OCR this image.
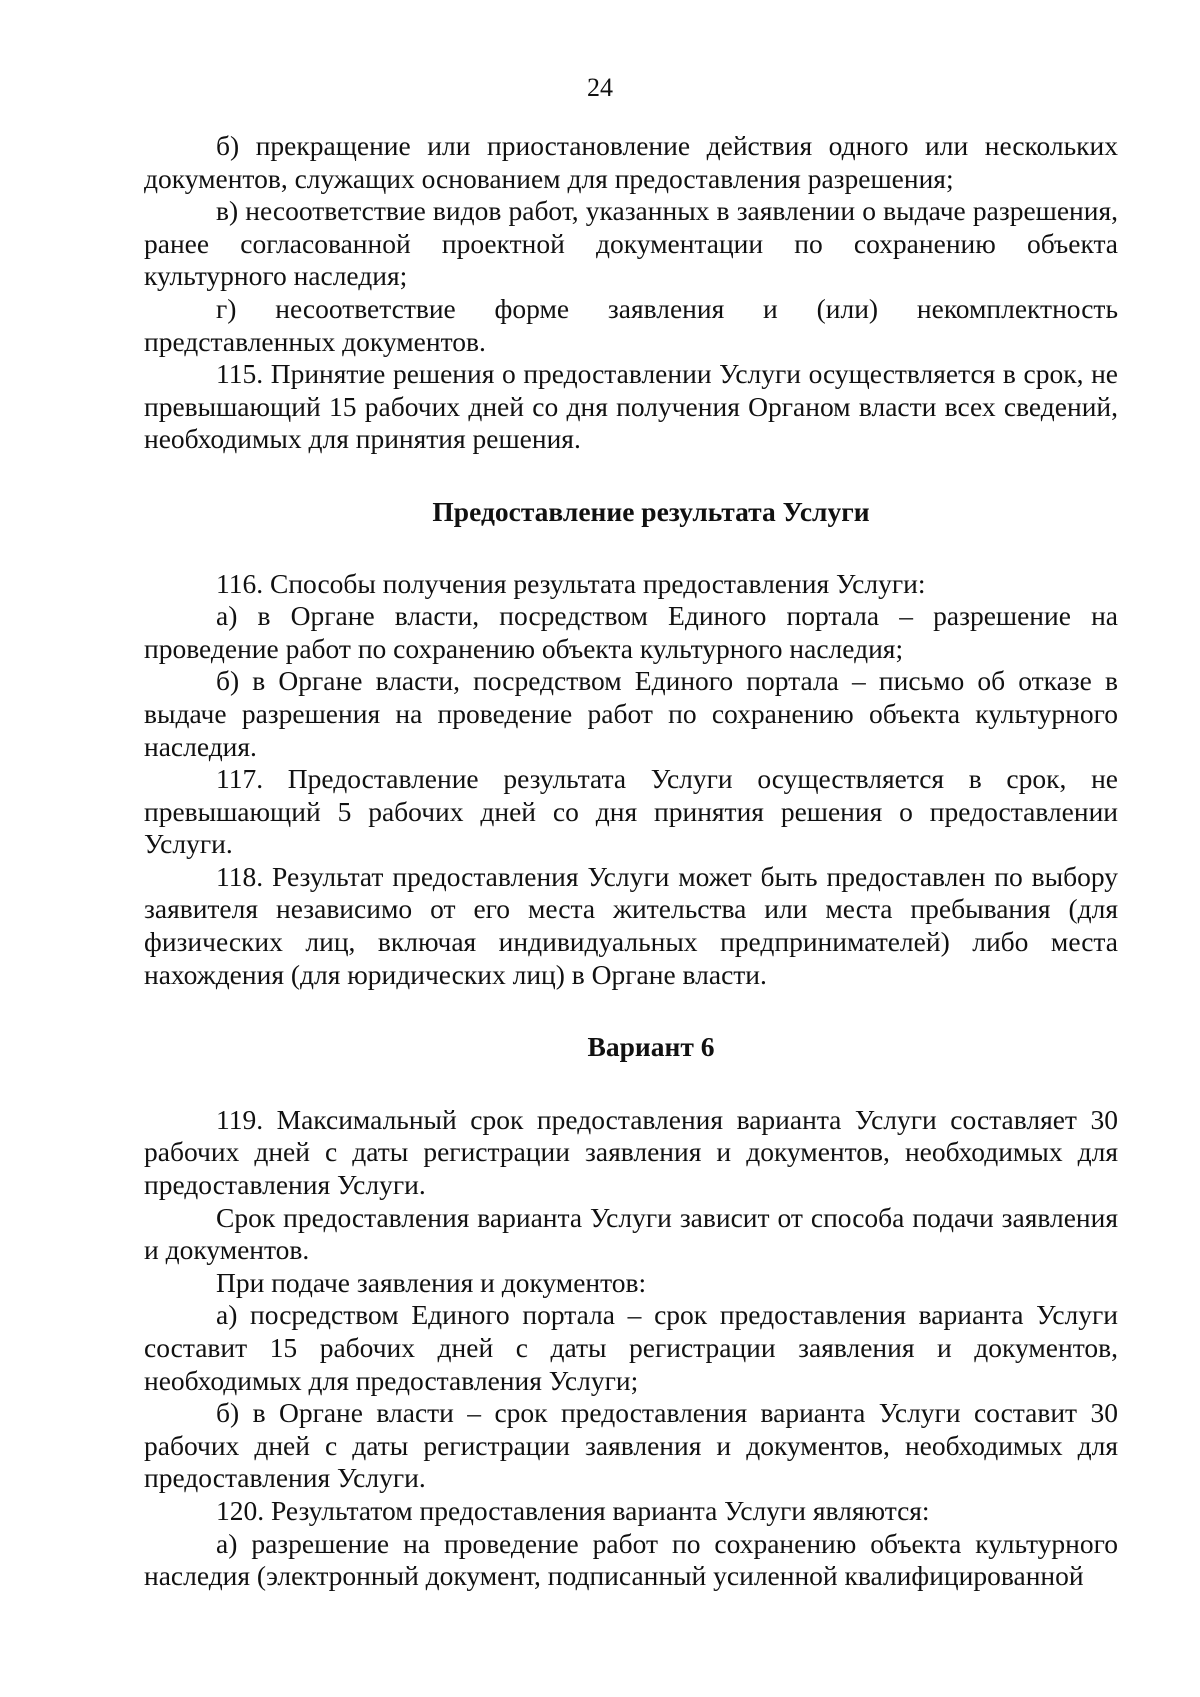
24

б) прекращение или приостановление действия одного или нескольких документов, служащих основанием для предоставления разрешения;

в) несоответствие видов работ, указанных в заявлении о выдаче разрешения, ранее согласованной проектной документации по сохранению объекта культурного наследия;

г) несоответствие форме заявления и (или) некомплектность представленных документов.

115. Принятие решения о предоставлении Услуги осуществляется в срок, не превышающий 15 рабочих дней со дня получения Органом власти всех сведений, необходимых для принятия решения.

Предоставление результата Услуги

116. Способы получения результата предоставления Услуги:

а) в Органе власти, посредством Единого портала – разрешение на проведение работ по сохранению объекта культурного наследия;

б) в Органе власти, посредством Единого портала – письмо об отказе в выдаче разрешения на проведение работ по сохранению объекта культурного наследия.

117. Предоставление результата Услуги осуществляется в срок, не превышающий 5 рабочих дней со дня принятия решения о предоставлении Услуги.

118. Результат предоставления Услуги может быть предоставлен по выбору заявителя независимо от его места жительства или места пребывания (для физических лиц, включая индивидуальных предпринимателей) либо места нахождения (для юридических лиц) в Органе власти.

Вариант 6

119. Максимальный срок предоставления варианта Услуги составляет 30 рабочих дней с даты регистрации заявления и документов, необходимых для предоставления Услуги.

Срок предоставления варианта Услуги зависит от способа подачи заявления и документов.

При подаче заявления и документов:

а) посредством Единого портала – срок предоставления варианта Услуги составит 15 рабочих дней с даты регистрации заявления и документов, необходимых для предоставления Услуги;

б) в Органе власти – срок предоставления варианта Услуги составит 30 рабочих дней с даты регистрации заявления и документов, необходимых для предоставления Услуги.

120. Результатом предоставления варианта Услуги являются:

а) разрешение на проведение работ по сохранению объекта культурного наследия (электронный документ, подписанный усиленной квалифицированной
